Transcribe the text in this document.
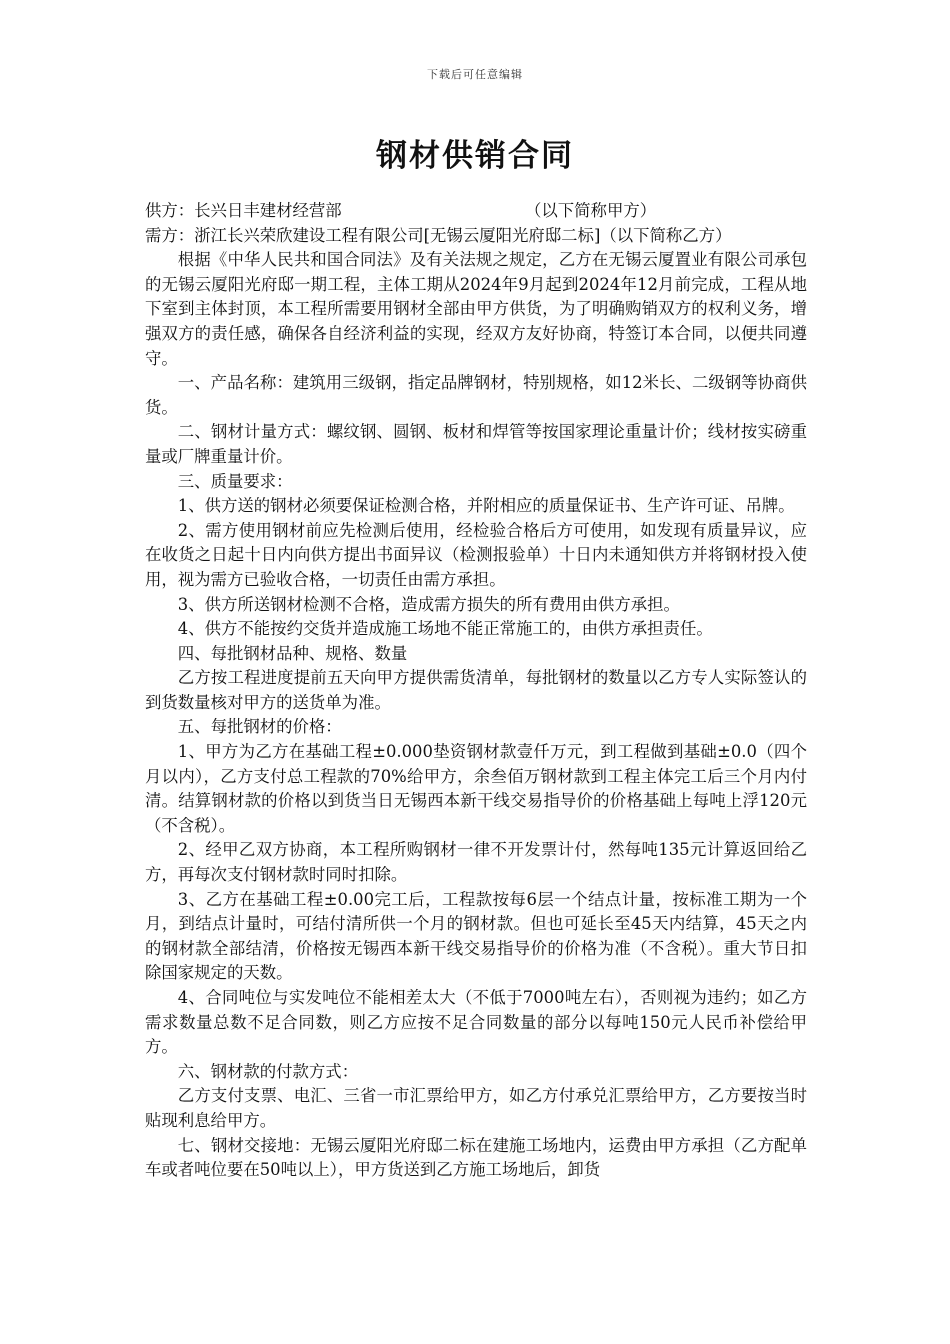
下载后可任意编辑
钢材供销合同
供方：长兴日丰建材经营部	（以下简称甲方）

需方：浙江长兴荣欣建设工程有限公司[无锡云厦阳光府邸二标]（以下简称乙方）

根据《中华人民共和国合同法》及有关法规之规定，乙方在无锡云厦置业有限公司承包的无锡云厦阳光府邸一期工程，主体工期从2024年9月起到2024年12月前完成，工程从地下室到主体封顶，本工程所需要用钢材全部由甲方供货，为了明确购销双方的权利义务，增强双方的责任感，确保各自经济利益的实现，经双方友好协商，特签订本合同，以便共同遵守。

一、产品名称：建筑用三级钢，指定品牌钢材，特别规格，如12米长、二级钢等协商供货。

二、钢材计量方式：螺纹钢、圆钢、板材和焊管等按国家理论重量计价；线材按实磅重量或厂牌重量计价。

三、质量要求：

1、供方送的钢材必须要保证检测合格，并附相应的质量保证书、生产许可证、吊牌。

2、需方使用钢材前应先检测后使用，经检验合格后方可使用，如发现有质量异议，应在收货之日起十日内向供方提出书面异议（检测报验单）十日内未通知供方并将钢材投入使用，视为需方已验收合格，一切责任由需方承担。

3、供方所送钢材检测不合格，造成需方损失的所有费用由供方承担。

4、供方不能按约交货并造成施工场地不能正常施工的，由供方承担责任。

四、每批钢材品种、规格、数量

乙方按工程进度提前五天向甲方提供需货清单，每批钢材的数量以乙方专人实际签认的到货数量核对甲方的送货单为准。

五、每批钢材的价格：

1、甲方为乙方在基础工程±0.000垫资钢材款壹仟万元，到工程做到基础±0.0（四个月以内），乙方支付总工程款的70%给甲方，余叁佰万钢材款到工程主体完工后三个月内付清。结算钢材款的价格以到货当日无锡西本新干线交易指导价的价格基础上每吨上浮120元（不含税）。

2、经甲乙双方协商，本工程所购钢材一律不开发票计付，然每吨135元计算返回给乙方，再每次支付钢材款时同时扣除。

3、乙方在基础工程±0.00完工后，工程款按每6层一个结点计量，按标准工期为一个月，到结点计量时，可结付清所供一个月的钢材款。但也可延长至45天内结算，45天之内的钢材款全部结清，价格按无锡西本新干线交易指导价的价格为准（不含税）。重大节日扣除国家规定的天数。

4、合同吨位与实发吨位不能相差太大（不低于7000吨左右），否则视为违约；如乙方需求数量总数不足合同数，则乙方应按不足合同数量的部分以每吨150元人民币补偿给甲方。

六、钢材款的付款方式：

乙方支付支票、电汇、三省一市汇票给甲方，如乙方付承兑汇票给甲方，乙方要按当时贴现利息给甲方。

七、钢材交接地：无锡云厦阳光府邸二标在建施工场地内，运费由甲方承担（乙方配单车或者吨位要在50吨以上），甲方货送到乙方施工场地后，卸货
